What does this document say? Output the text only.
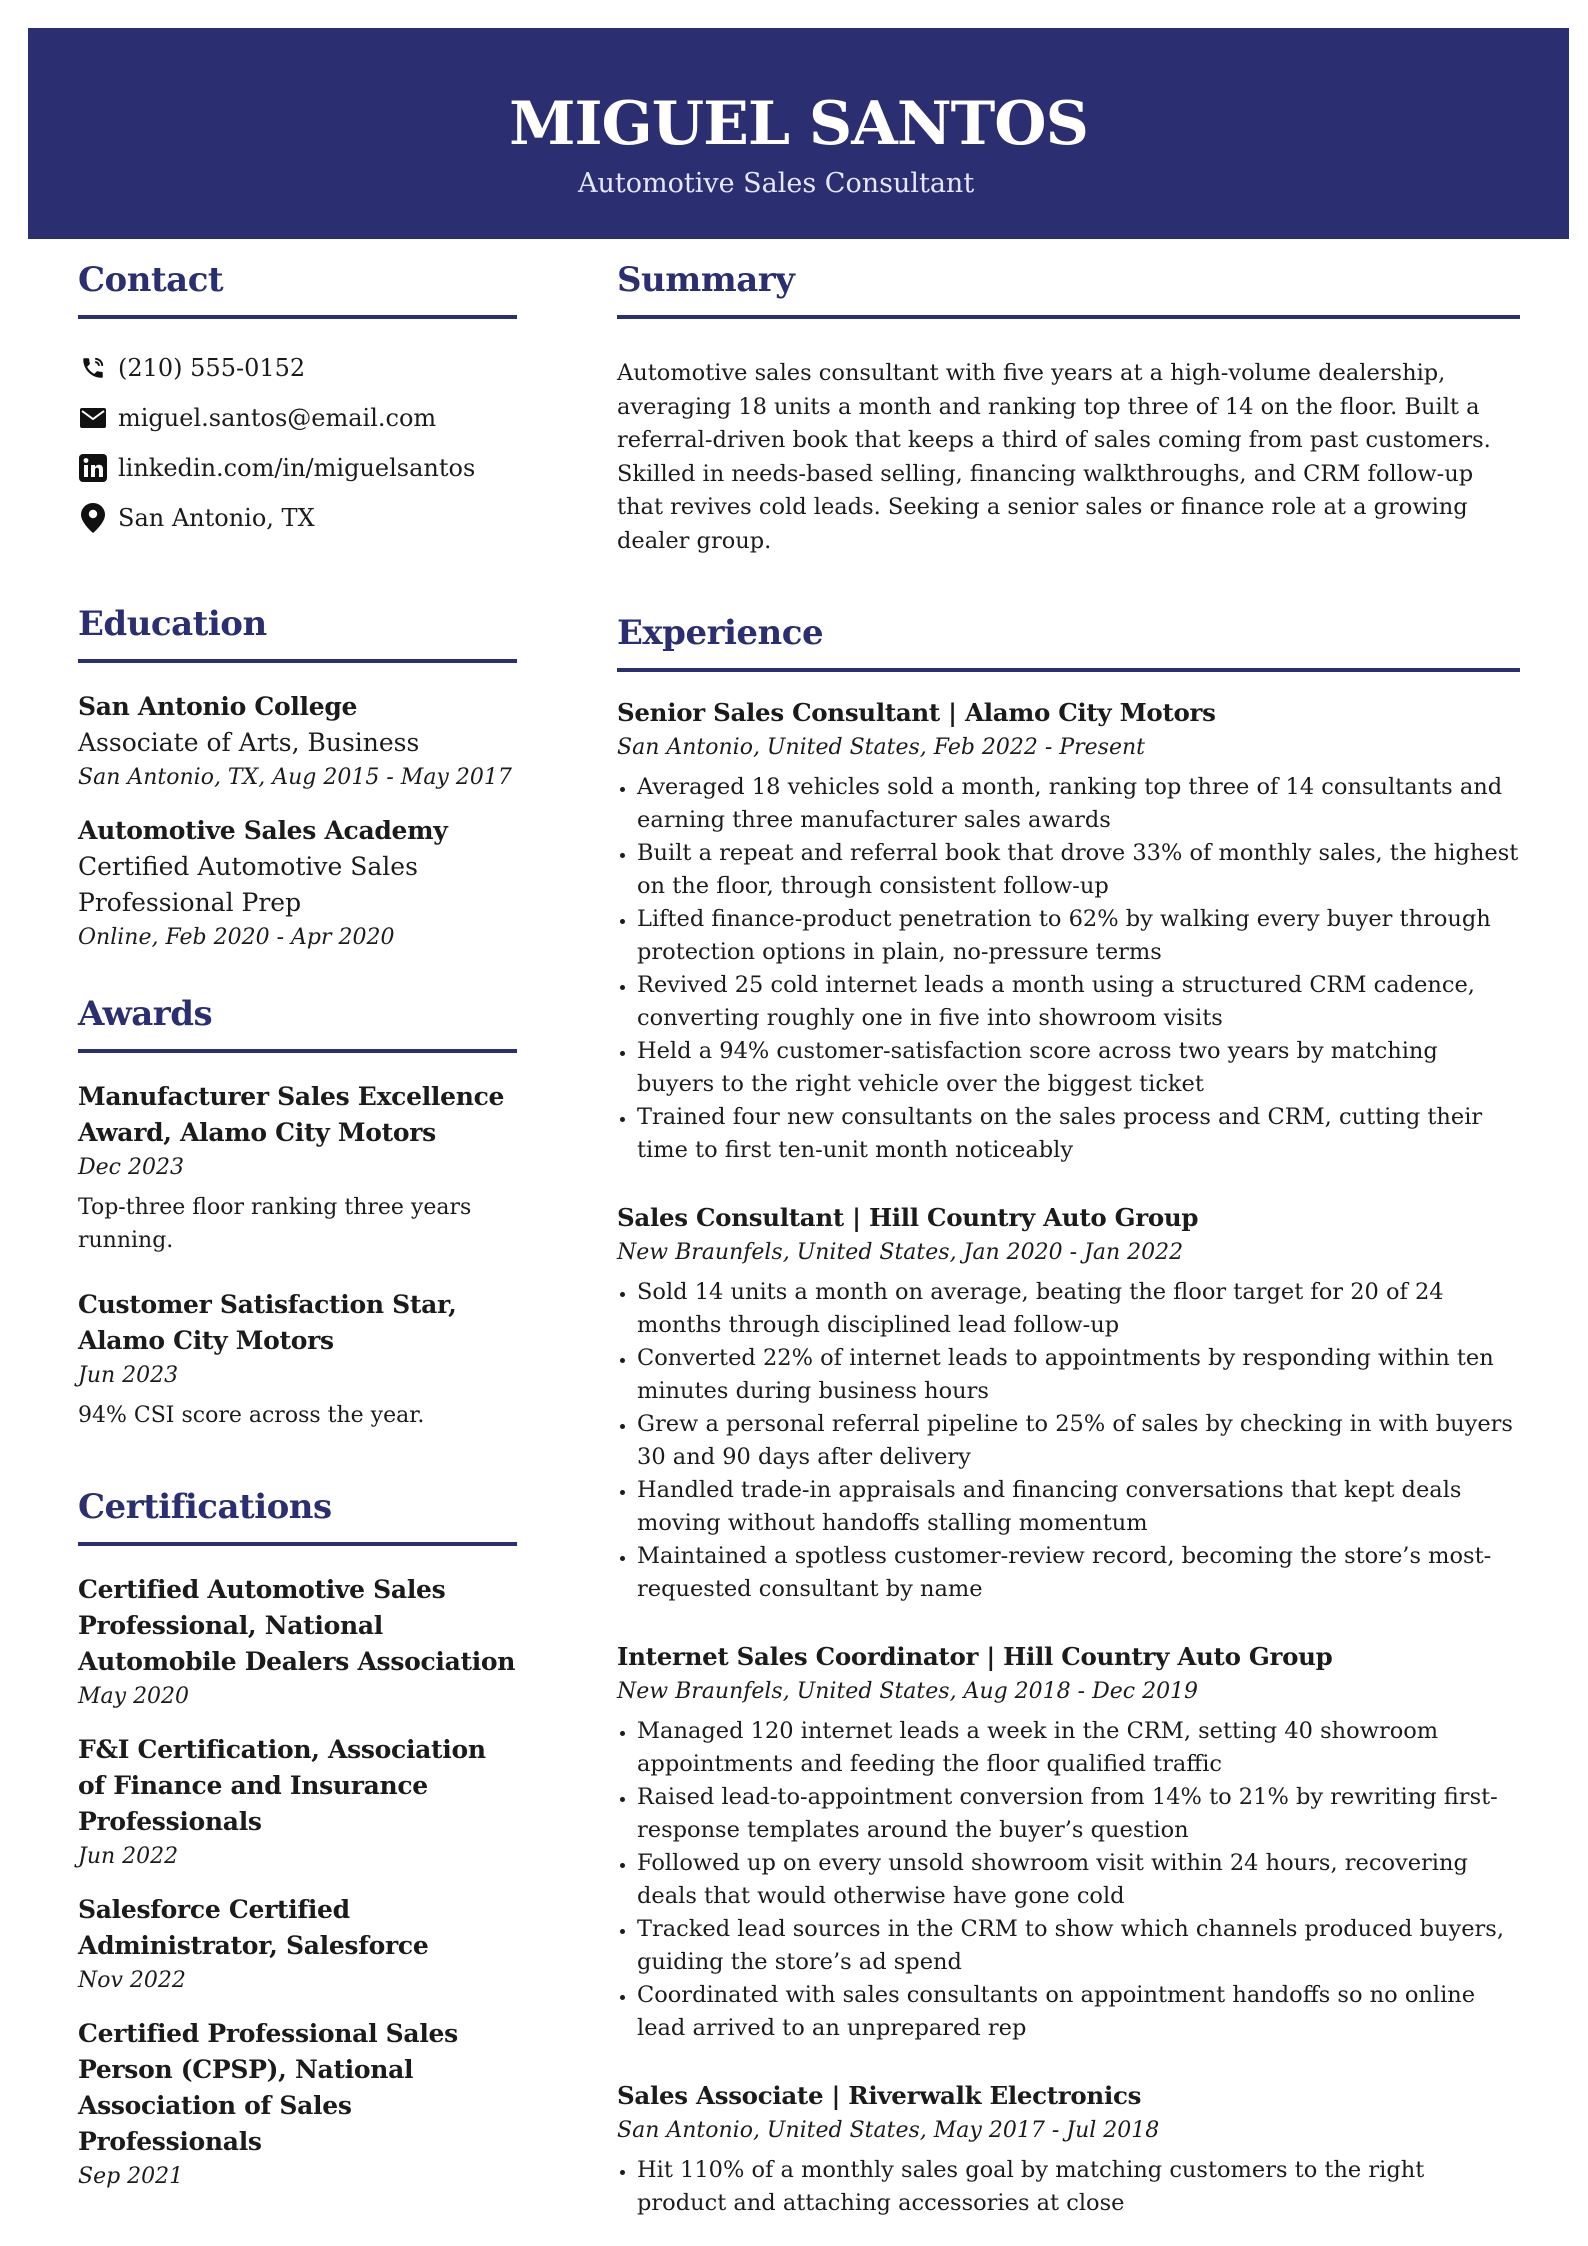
MIGUEL SANTOS
Automotive Sales Consultant
Contact
(210) 555-0152
miguel.santos@email.com
linkedin.com/in/miguelsantos
San Antonio, TX
Education
San Antonio College
Associate of Arts, Business
San Antonio, TX, Aug 2015 - May 2017
Automotive Sales Academy
Certified Automotive Sales Professional Prep
Online, Feb 2020 - Apr 2020
Awards
Manufacturer Sales Excellence Award, Alamo City Motors
Dec 2023
Top-three floor ranking three years running.
Customer Satisfaction Star, Alamo City Motors
Jun 2023
94% CSI score across the year.
Certifications
Certified Automotive Sales Professional, National Automobile Dealers Association
May 2020
F&I Certification, Association of Finance and Insurance Professionals
Jun 2022
Salesforce Certified Administrator, Salesforce
Nov 2022
Certified Professional Sales Person (CPSP), National Association of Sales Professionals
Sep 2021
Summary
Automotive sales consultant with five years at a high-volume dealership, averaging 18 units a month and ranking top three of 14 on the floor. Built a referral-driven book that keeps a third of sales coming from past customers. Skilled in needs-based selling, financing walkthroughs, and CRM follow-up that revives cold leads. Seeking a senior sales or finance role at a growing dealer group.
Experience
Senior Sales Consultant | Alamo City Motors
San Antonio, United States, Feb 2022 - Present
• Averaged 18 vehicles sold a month, ranking top three of 14 consultants and earning three manufacturer sales awards
• Built a repeat and referral book that drove 33% of monthly sales, the highest on the floor, through consistent follow-up
• Lifted finance-product penetration to 62% by walking every buyer through protection options in plain, no-pressure terms
• Revived 25 cold internet leads a month using a structured CRM cadence, converting roughly one in five into showroom visits
• Held a 94% customer-satisfaction score across two years by matching buyers to the right vehicle over the biggest ticket
• Trained four new consultants on the sales process and CRM, cutting their time to first ten-unit month noticeably
Sales Consultant | Hill Country Auto Group
New Braunfels, United States, Jan 2020 - Jan 2022
• Sold 14 units a month on average, beating the floor target for 20 of 24 months through disciplined lead follow-up
• Converted 22% of internet leads to appointments by responding within ten minutes during business hours
• Grew a personal referral pipeline to 25% of sales by checking in with buyers 30 and 90 days after delivery
• Handled trade-in appraisals and financing conversations that kept deals moving without handoffs stalling momentum
• Maintained a spotless customer-review record, becoming the store’s most-requested consultant by name
Internet Sales Coordinator | Hill Country Auto Group
New Braunfels, United States, Aug 2018 - Dec 2019
• Managed 120 internet leads a week in the CRM, setting 40 showroom appointments and feeding the floor qualified traffic
• Raised lead-to-appointment conversion from 14% to 21% by rewriting first-response templates around the buyer’s question
• Followed up on every unsold showroom visit within 24 hours, recovering deals that would otherwise have gone cold
• Tracked lead sources in the CRM to show which channels produced buyers, guiding the store’s ad spend
• Coordinated with sales consultants on appointment handoffs so no online lead arrived to an unprepared rep
Sales Associate | Riverwalk Electronics
San Antonio, United States, May 2017 - Jul 2018
• Hit 110% of a monthly sales goal by matching customers to the right product and attaching accessories at close
